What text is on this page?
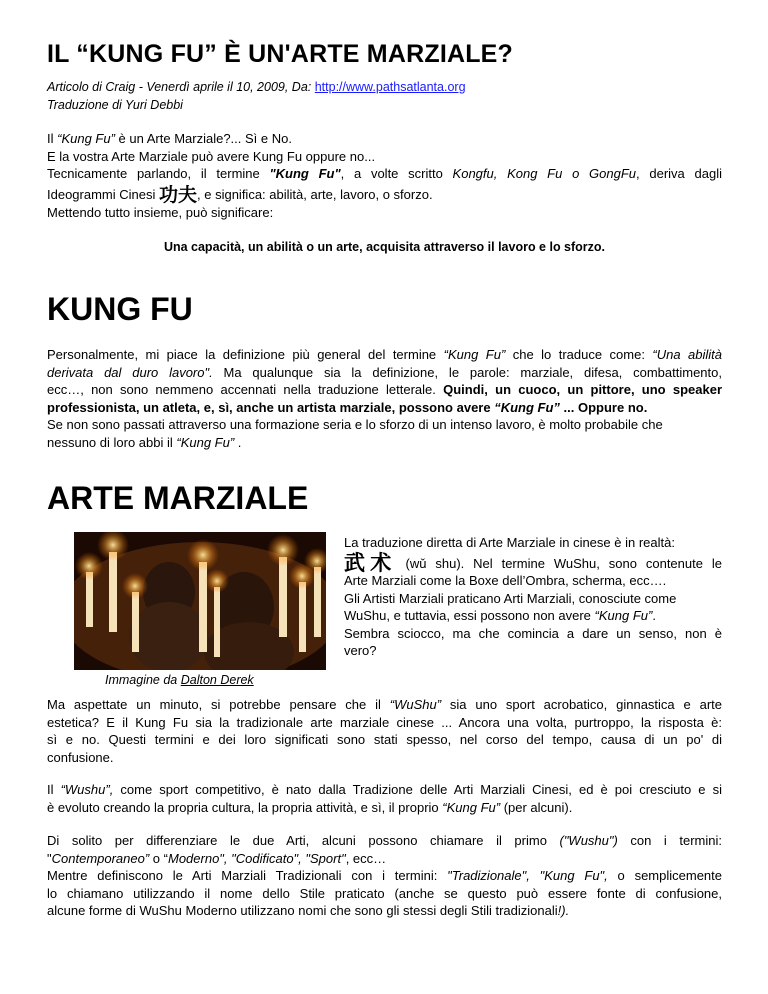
IL “KUNG FU” È UN'ARTE MARZIALE?
Articolo di Craig - Venerdì aprile il 10, 2009, Da: http://www.pathsatlanta.org
Traduzione di Yuri Debbi
Il “Kung Fu” è un Arte Marziale?... Sì e No.
E la vostra Arte Marziale può avere Kung Fu oppure no...
Tecnicamente parlando, il termine "Kung Fu", a volte scritto Kongfu, Kong Fu o GongFu, deriva dagli
Ideogrammi Cinesi 功夫, e significa: abilità, arte, lavoro, o sforzo.
Mettendo tutto insieme, può significare:
Una capacità, un abilità o un arte, acquisita attraverso il lavoro e lo sforzo.
KUNG FU
Personalmente, mi piace la definizione più general del termine “Kung Fu” che lo traduce come: “Una abilità
derivata dal duro lavoro". Ma qualunque sia la definizione, le parole: marziale, difesa, combattimento,
ecc…, non sono nemmeno accennati nella traduzione letterale. Quindi, un cuoco, un pittore, uno speaker
professionista, un atleta, e, sì, anche un artista marziale, possono avere “Kung Fu” ... Oppure no.
Se non sono passati attraverso una formazione seria e lo sforzo di un intenso lavoro, è molto probabile che
nessuno di loro abbi il “Kung Fu” .
ARTE MARZIALE
Immagine da Dalton Derek
La traduzione diretta di Arte Marziale in cinese è in realtà:
武术 (wǔ shu). Nel termine WuShu, sono contenute le
Arte Marziali come la Boxe dell’Ombra, scherma, ecc….
Gli Artisti Marziali praticano Arti Marziali, conosciute come
WuShu, e tuttavia, essi possono non avere “Kung Fu”.
Sembra sciocco, ma che comincia a dare un senso, non è
vero?
Ma aspettate un minuto, si potrebbe pensare che il “WuShu” sia uno sport acrobatico, ginnastica e arte
estetica? E il Kung Fu sia la tradizionale arte marziale cinese ... Ancora una volta, purtroppo, la risposta è:
sì e no. Questi termini e dei loro significati sono stati spesso, nel corso del tempo, causa di un po' di
confusione.
Il “Wushu”, come sport competitivo, è nato dalla Tradizione delle Arti Marziali Cinesi, ed è poi cresciuto e si
è evoluto creando la propria cultura, la propria attività, e sì, il proprio “Kung Fu” (per alcuni).
Di solito per differenziare le due Arti, alcuni possono chiamare il primo ("Wushu") con i termini:
"Contemporaneo” o “Moderno", "Codificato", "Sport", ecc…
Mentre definiscono le Arti Marziali Tradizionali con i termini: "Tradizionale", "Kung Fu", o semplicemente
lo chiamano utilizzando il nome dello Stile praticato (anche se questo può essere fonte di confusione,
alcune forme di WuShu Moderno utilizzano nomi che sono gli stessi degli Stili tradizionali!).
